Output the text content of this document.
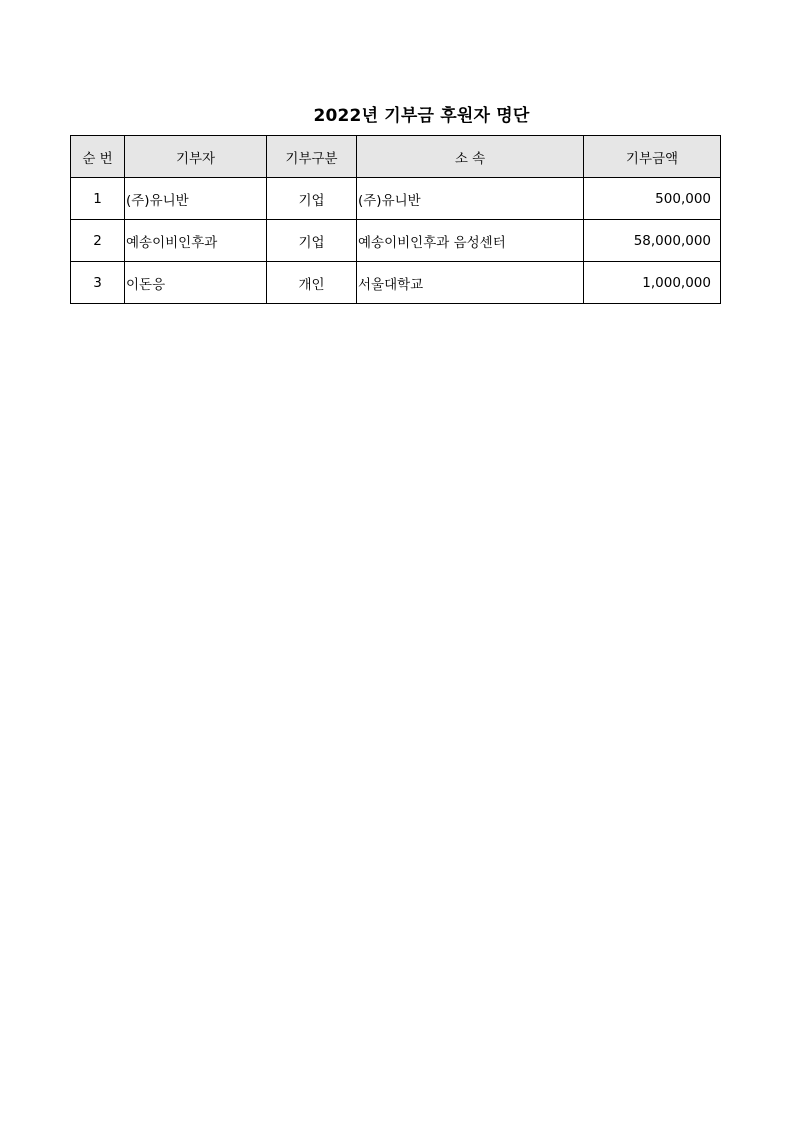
2022년 기부금 후원자 명단
순 번	기부자	기부구분	소 속	기부금액
1	(주)유니반	기업	(주)유니반	500,000
2	예송이비인후과	기업	예송이비인후과 음성센터	58,000,000
3	이돈응	개인	서울대학교	1,000,000
